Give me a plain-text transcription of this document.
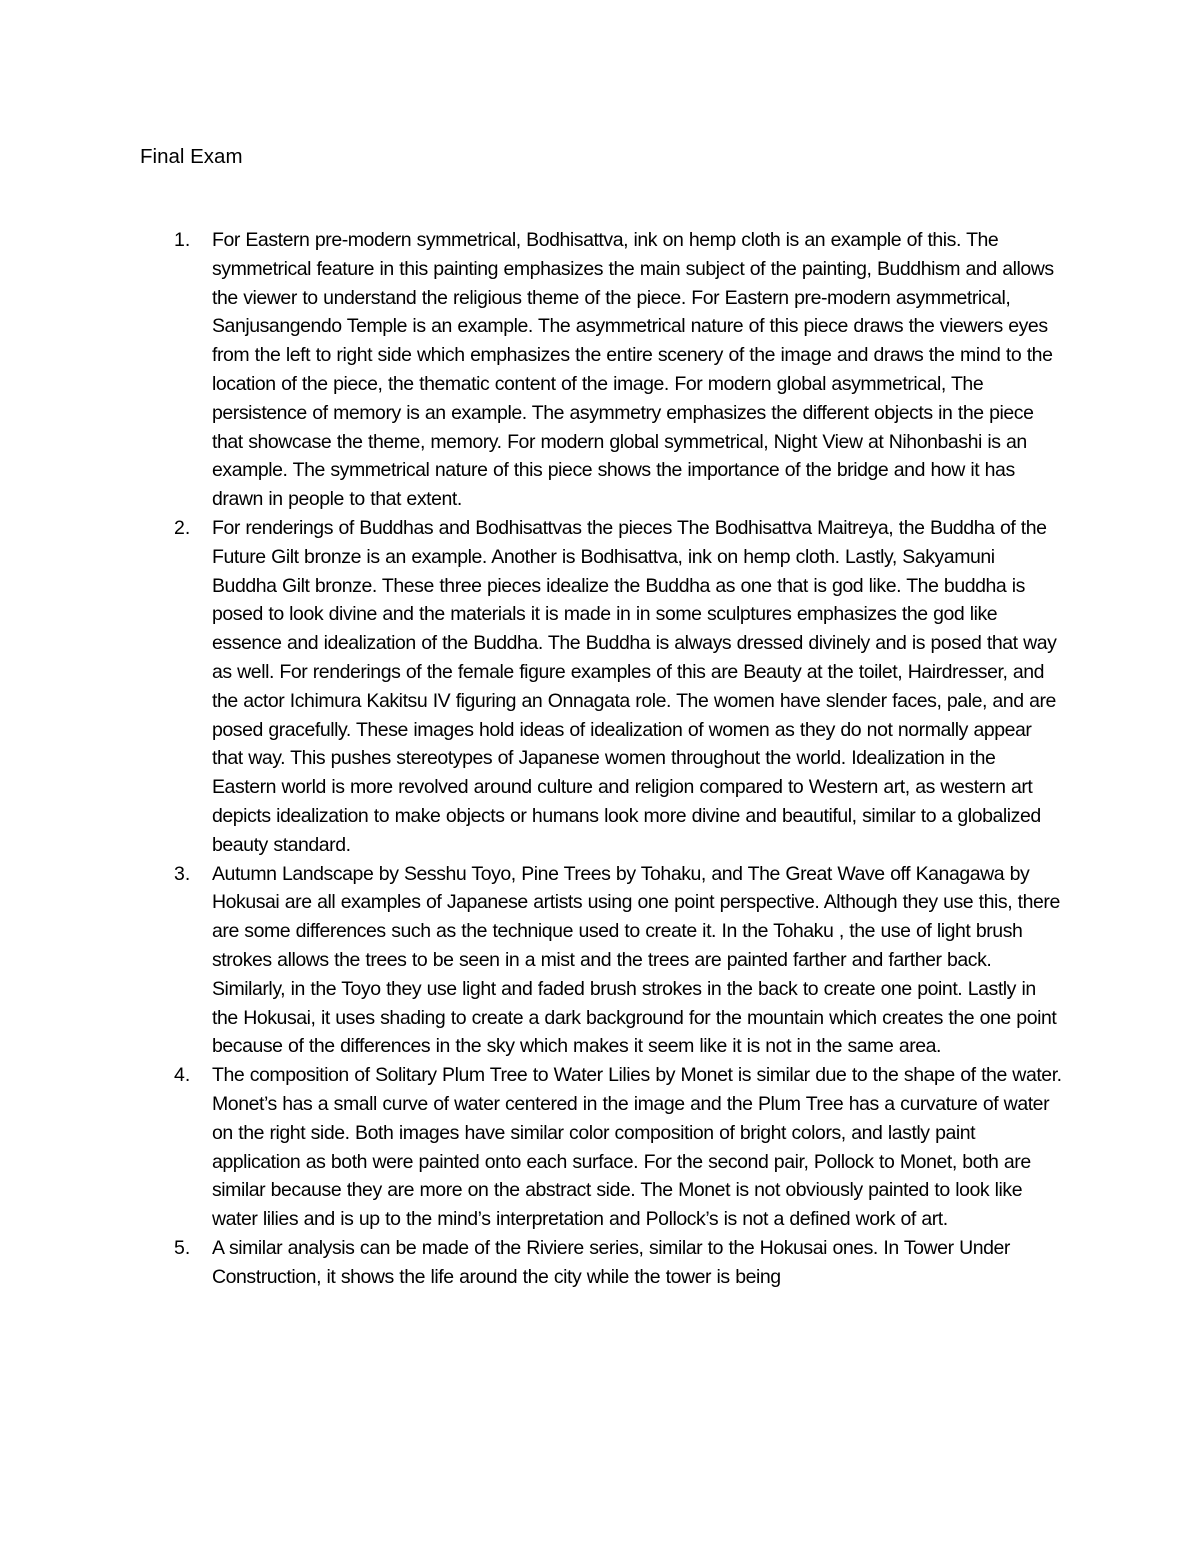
Final Exam
1.	For Eastern pre-modern symmetrical, Bodhisattva, ink on hemp cloth is an example of this. The symmetrical feature in this painting emphasizes the main subject of the painting, Buddhism and allows the viewer to understand the religious theme of the piece. For Eastern pre-modern asymmetrical, Sanjusangendo Temple is an example. The asymmetrical nature of this piece draws the viewers eyes from the left to right side which emphasizes the entire scenery of the image and draws the mind to the location of the piece, the thematic content of the image. For modern global asymmetrical, The persistence of memory is an example. The asymmetry emphasizes the different objects in the piece that showcase the theme, memory. For modern global symmetrical, Night View at Nihonbashi is an example. The symmetrical nature of this piece shows the importance of the bridge and how it has drawn in people to that extent.
2.	For renderings of Buddhas and Bodhisattvas the pieces The Bodhisattva Maitreya, the Buddha of the Future Gilt bronze is an example. Another is Bodhisattva, ink on hemp cloth. Lastly, Sakyamuni Buddha Gilt bronze. These three pieces idealize the Buddha as one that is god like. The buddha is posed to look divine and the materials it is made in in some sculptures emphasizes the god like essence and idealization of the Buddha. The Buddha is always dressed divinely and is posed that way as well. For renderings of the female figure examples of this are Beauty at the toilet, Hairdresser, and the actor Ichimura Kakitsu IV figuring an Onnagata role. The women have slender faces, pale, and are posed gracefully. These images hold ideas of idealization of women as they do not normally appear that way. This pushes stereotypes of Japanese women throughout the world. Idealization in the Eastern world is more revolved around culture and religion compared to Western art, as western art depicts idealization to make objects or humans look more divine and beautiful, similar to a globalized beauty standard.
3.	Autumn Landscape by Sesshu Toyo, Pine Trees by Tohaku, and The Great Wave off Kanagawa by Hokusai are all examples of Japanese artists using one point perspective. Although they use this, there are some differences such as the technique used to create it. In the Tohaku , the use of light brush strokes allows the trees to be seen in a mist and the trees are painted farther and farther back. Similarly, in the Toyo they use light and faded brush strokes in the back to create one point. Lastly in the Hokusai, it uses shading to create a dark background for the mountain which creates the one point because of the differences in the sky which makes it seem like it is not in the same area.
4.	The composition of Solitary Plum Tree to Water Lilies by Monet is similar due to the shape of the water. Monet’s has a small curve of water centered in the image and the Plum Tree has a curvature of water on the right side. Both images have similar color composition of bright colors, and lastly paint application as both were painted onto each surface. For the second pair, Pollock to Monet, both are similar because they are more on the abstract side. The Monet is not obviously painted to look like water lilies and is up to the mind’s interpretation and Pollock’s is not a defined work of art.
5.	A similar analysis can be made of the Riviere series, similar to the Hokusai ones. In Tower Under Construction, it shows the life around the city while the tower is being
